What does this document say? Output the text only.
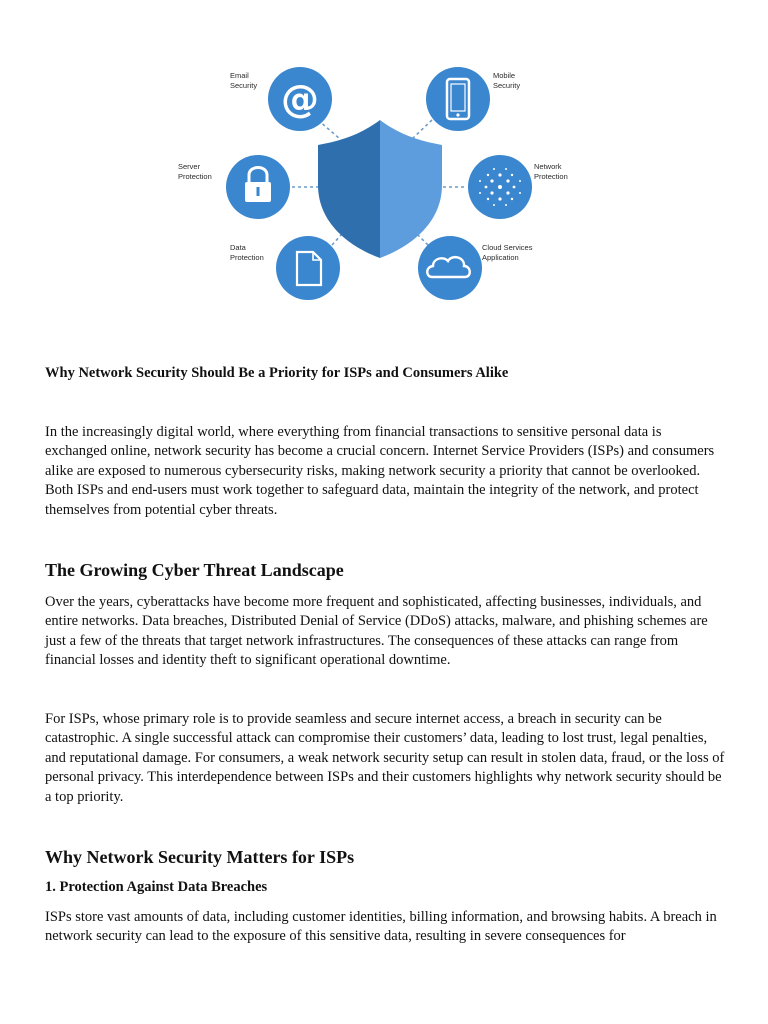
@
Email
Security
Mobile
Security
Server
Protection
Network
Protection
Data
Protection
Cloud Services
Application
Why Network Security Should Be a Priority for ISPs and Consumers Alike

In the increasingly digital world, where everything from financial transactions to sensitive personal data is exchanged online, network security has become a crucial concern. Internet Service Providers (ISPs) and consumers alike are exposed to numerous cybersecurity risks, making network security a priority that cannot be overlooked. Both ISPs and end-users must work together to safeguard data, maintain the integrity of the network, and protect themselves from potential cyber threats.

The Growing Cyber Threat Landscape

Over the years, cyberattacks have become more frequent and sophisticated, affecting businesses, individuals, and entire networks. Data breaches, Distributed Denial of Service (DDoS) attacks, malware, and phishing schemes are just a few of the threats that target network infrastructures. The consequences of these attacks can range from financial losses and identity theft to significant operational downtime.

For ISPs, whose primary role is to provide seamless and secure internet access, a breach in security can be catastrophic. A single successful attack can compromise their customers’ data, leading to lost trust, legal penalties, and reputational damage. For consumers, a weak network security setup can result in stolen data, fraud, or the loss of personal privacy. This interdependence between ISPs and their customers highlights why network security should be a top priority.

Why Network Security Matters for ISPs
1. Protection Against Data Breaches

ISPs store vast amounts of data, including customer identities, billing information, and browsing habits. A breach in network security can lead to the exposure of this sensitive data, resulting in severe consequences for
